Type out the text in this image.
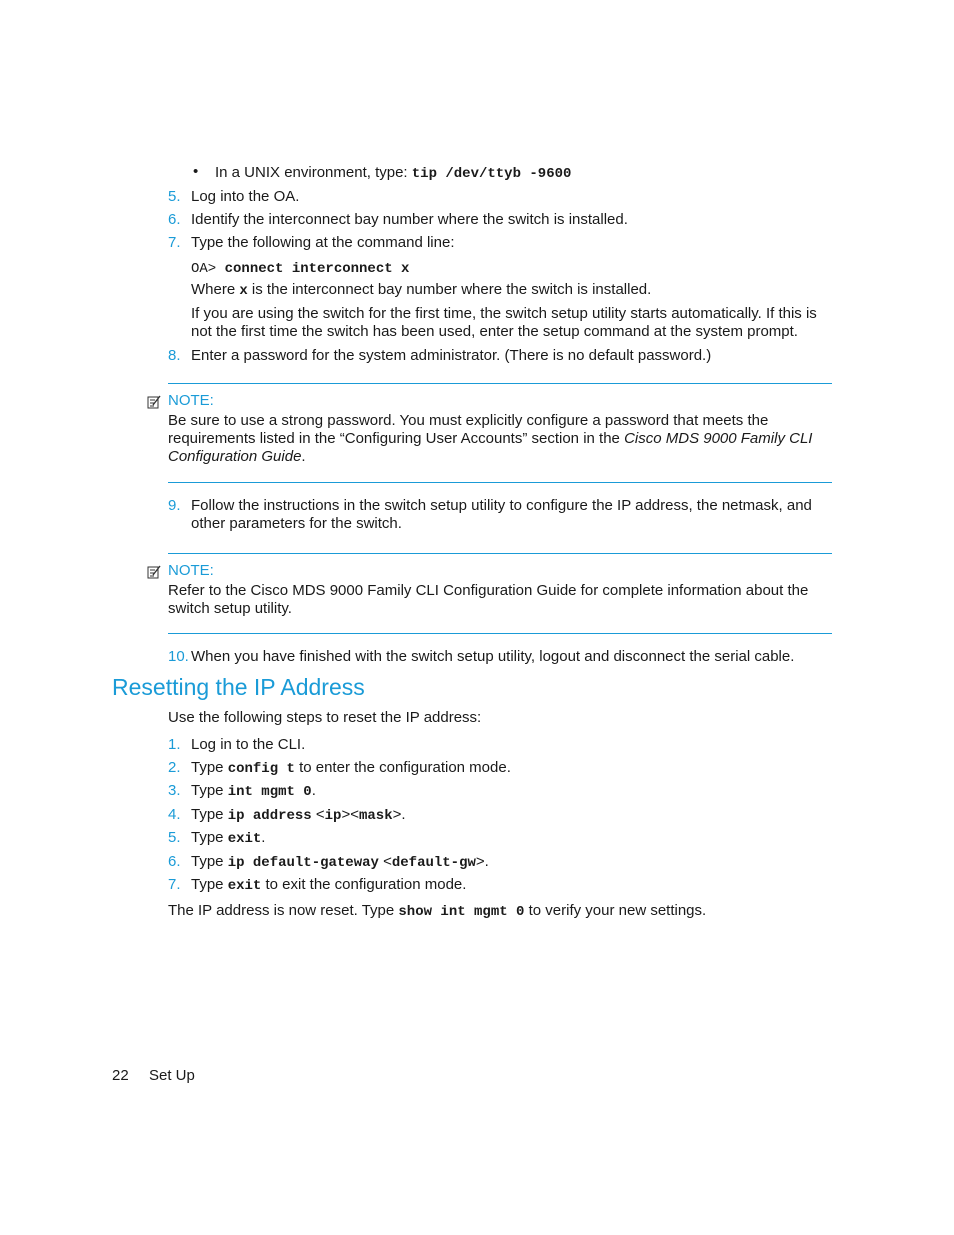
• In a UNIX environment, type: tip /dev/ttyb -9600
5. Log into the OA.
6. Identify the interconnect bay number where the switch is installed.
7. Type the following at the command line:
OA> connect interconnect x
Where x is the interconnect bay number where the switch is installed.
If you are using the switch for the first time, the switch setup utility starts automatically. If this is not the first time the switch has been used, enter the setup command at the system prompt.
8. Enter a password for the system administrator. (There is no default password.)
NOTE:
Be sure to use a strong password. You must explicitly configure a password that meets the requirements listed in the “Configuring User Accounts” section in the Cisco MDS 9000 Family CLI Configuration Guide.
9. Follow the instructions in the switch setup utility to configure the IP address, the netmask, and other parameters for the switch.
NOTE:
Refer to the Cisco MDS 9000 Family CLI Configuration Guide for complete information about the switch setup utility.
10. When you have finished with the switch setup utility, logout and disconnect the serial cable.
Resetting the IP Address
Use the following steps to reset the IP address:
1. Log in to the CLI.
2. Type config t to enter the configuration mode.
3. Type int mgmt 0.
4. Type ip address <ip><mask>.
5. Type exit.
6. Type ip default-gateway <default-gw>.
7. Type exit to exit the configuration mode.
The IP address is now reset. Type show int mgmt 0 to verify your new settings.
22 Set Up
